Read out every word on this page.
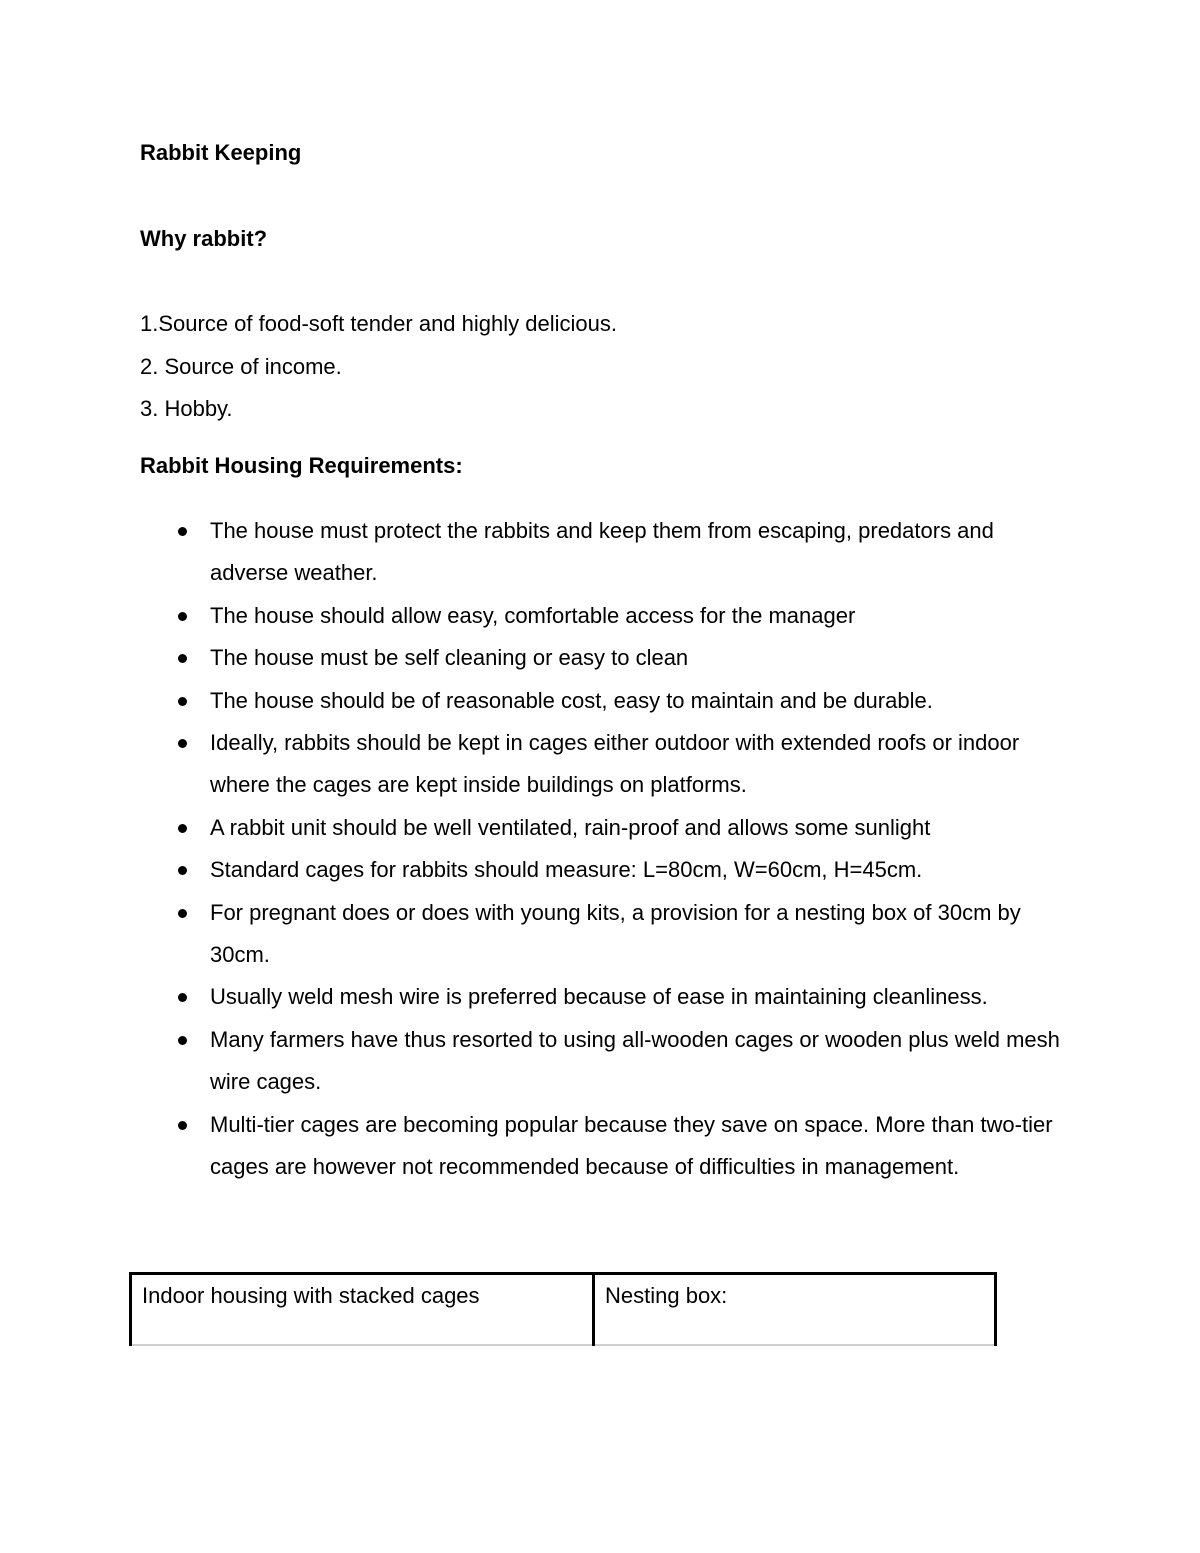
Rabbit Keeping
Why rabbit?
1.Source of food-soft tender and highly delicious.
2. Source of income.
3. Hobby.
Rabbit Housing Requirements:
The house must protect the rabbits and keep them from escaping, predators and adverse weather.
The house should allow easy, comfortable access for the manager
The house must be self cleaning or easy to clean
The house should be of reasonable cost, easy to maintain and be durable.
Ideally, rabbits should be kept in cages either outdoor with extended roofs or indoor where the cages are kept inside buildings on platforms.
A rabbit unit should be well ventilated, rain-proof and allows some sunlight
Standard cages for rabbits should measure: L=80cm, W=60cm, H=45cm.
For pregnant does or does with young kits, a provision for a nesting box of 30cm by 30cm.
Usually weld mesh wire is preferred because of ease in maintaining cleanliness.
Many farmers have thus resorted to using all-wooden cages or wooden plus weld mesh wire cages.
Multi-tier cages are becoming popular because they save on space. More than two-tier cages are however not recommended because of difficulties in management.
Indoor housing with stacked cages	Nesting box:
